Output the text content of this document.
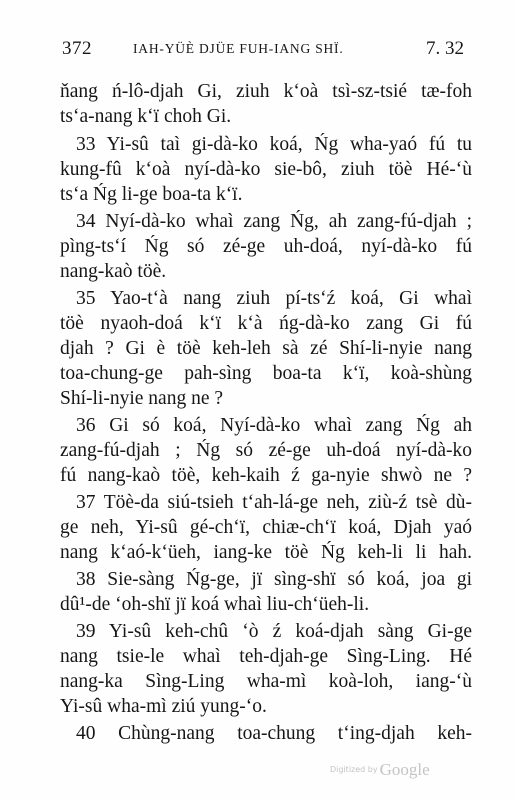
372	IAH-YÜÈ DJÜE FUH-IANG SHÏ.	7. 32
ňang ń-lô-djah Gi, ziuh k‘oà tsì-sz-tsié tæ-foh
ts‘a-nang k‘ï choh Gi.
33 Yi-sû taì gi-dà-ko koá, Ńg wha-yaó fú tu
kung-fû k‘oà nyí-dà-ko sie-bô, ziuh töè Hé-‘ù
ts‘a Ńg li-ge boa-ta k‘ï.
34 Nyí-dà-ko whaì zang Ńg, ah zang-fú-djah ;
pìng-ts‘í Ńg só zé-ge uh-doá, nyí-dà-ko fú
nang-kaò töè.
35 Yao-t‘à nang ziuh pí-ts‘ź koá, Gi whaì
töè nyaoh-doá k‘ï k‘à ńg-dà-ko zang Gi fú
djah ? Gi è töè keh-leh sà zé Shí-li-nyie nang
toa-chung-ge pah-sìng boa-ta k‘ï, koà-shùng
Shí-li-nyie nang ne ?
36 Gi só koá, Nyí-dà-ko whaì zang Ńg ah
zang-fú-djah ; Ńg só zé-ge uh-doá nyí-dà-ko
fú nang-kaò töè, keh-kaih ź ga-nyie shwò ne ?
37 Töè-da siú-tsieh t‘ah-lá-ge neh, ziù-ź tsè dù-
ge neh, Yi-sû gé-ch‘ï, chiæ-ch‘ï koá, Djah yaó
nang k‘aó-k‘üeh, iang-ke töè Ńg keh-li li hah.
38 Sie-sàng Ńg-ge, jï sìng-shï só koá, joa gi
dû¹-de ‘oh-shï jï koá whaì liu-ch‘üeh-li.
39 Yi-sû keh-chû ‘ò ź koá-djah sàng Gi-ge
nang tsie-le whaì teh-djah-ge Sìng-Ling. Hé
nang-ka Sìng-Ling wha-mì koà-loh, iang-‘ù
Yi-sû wha-mì ziú yung-‘o.
40 Chùng-nang toa-chung t‘ing-djah keh-
Digitized by Google
